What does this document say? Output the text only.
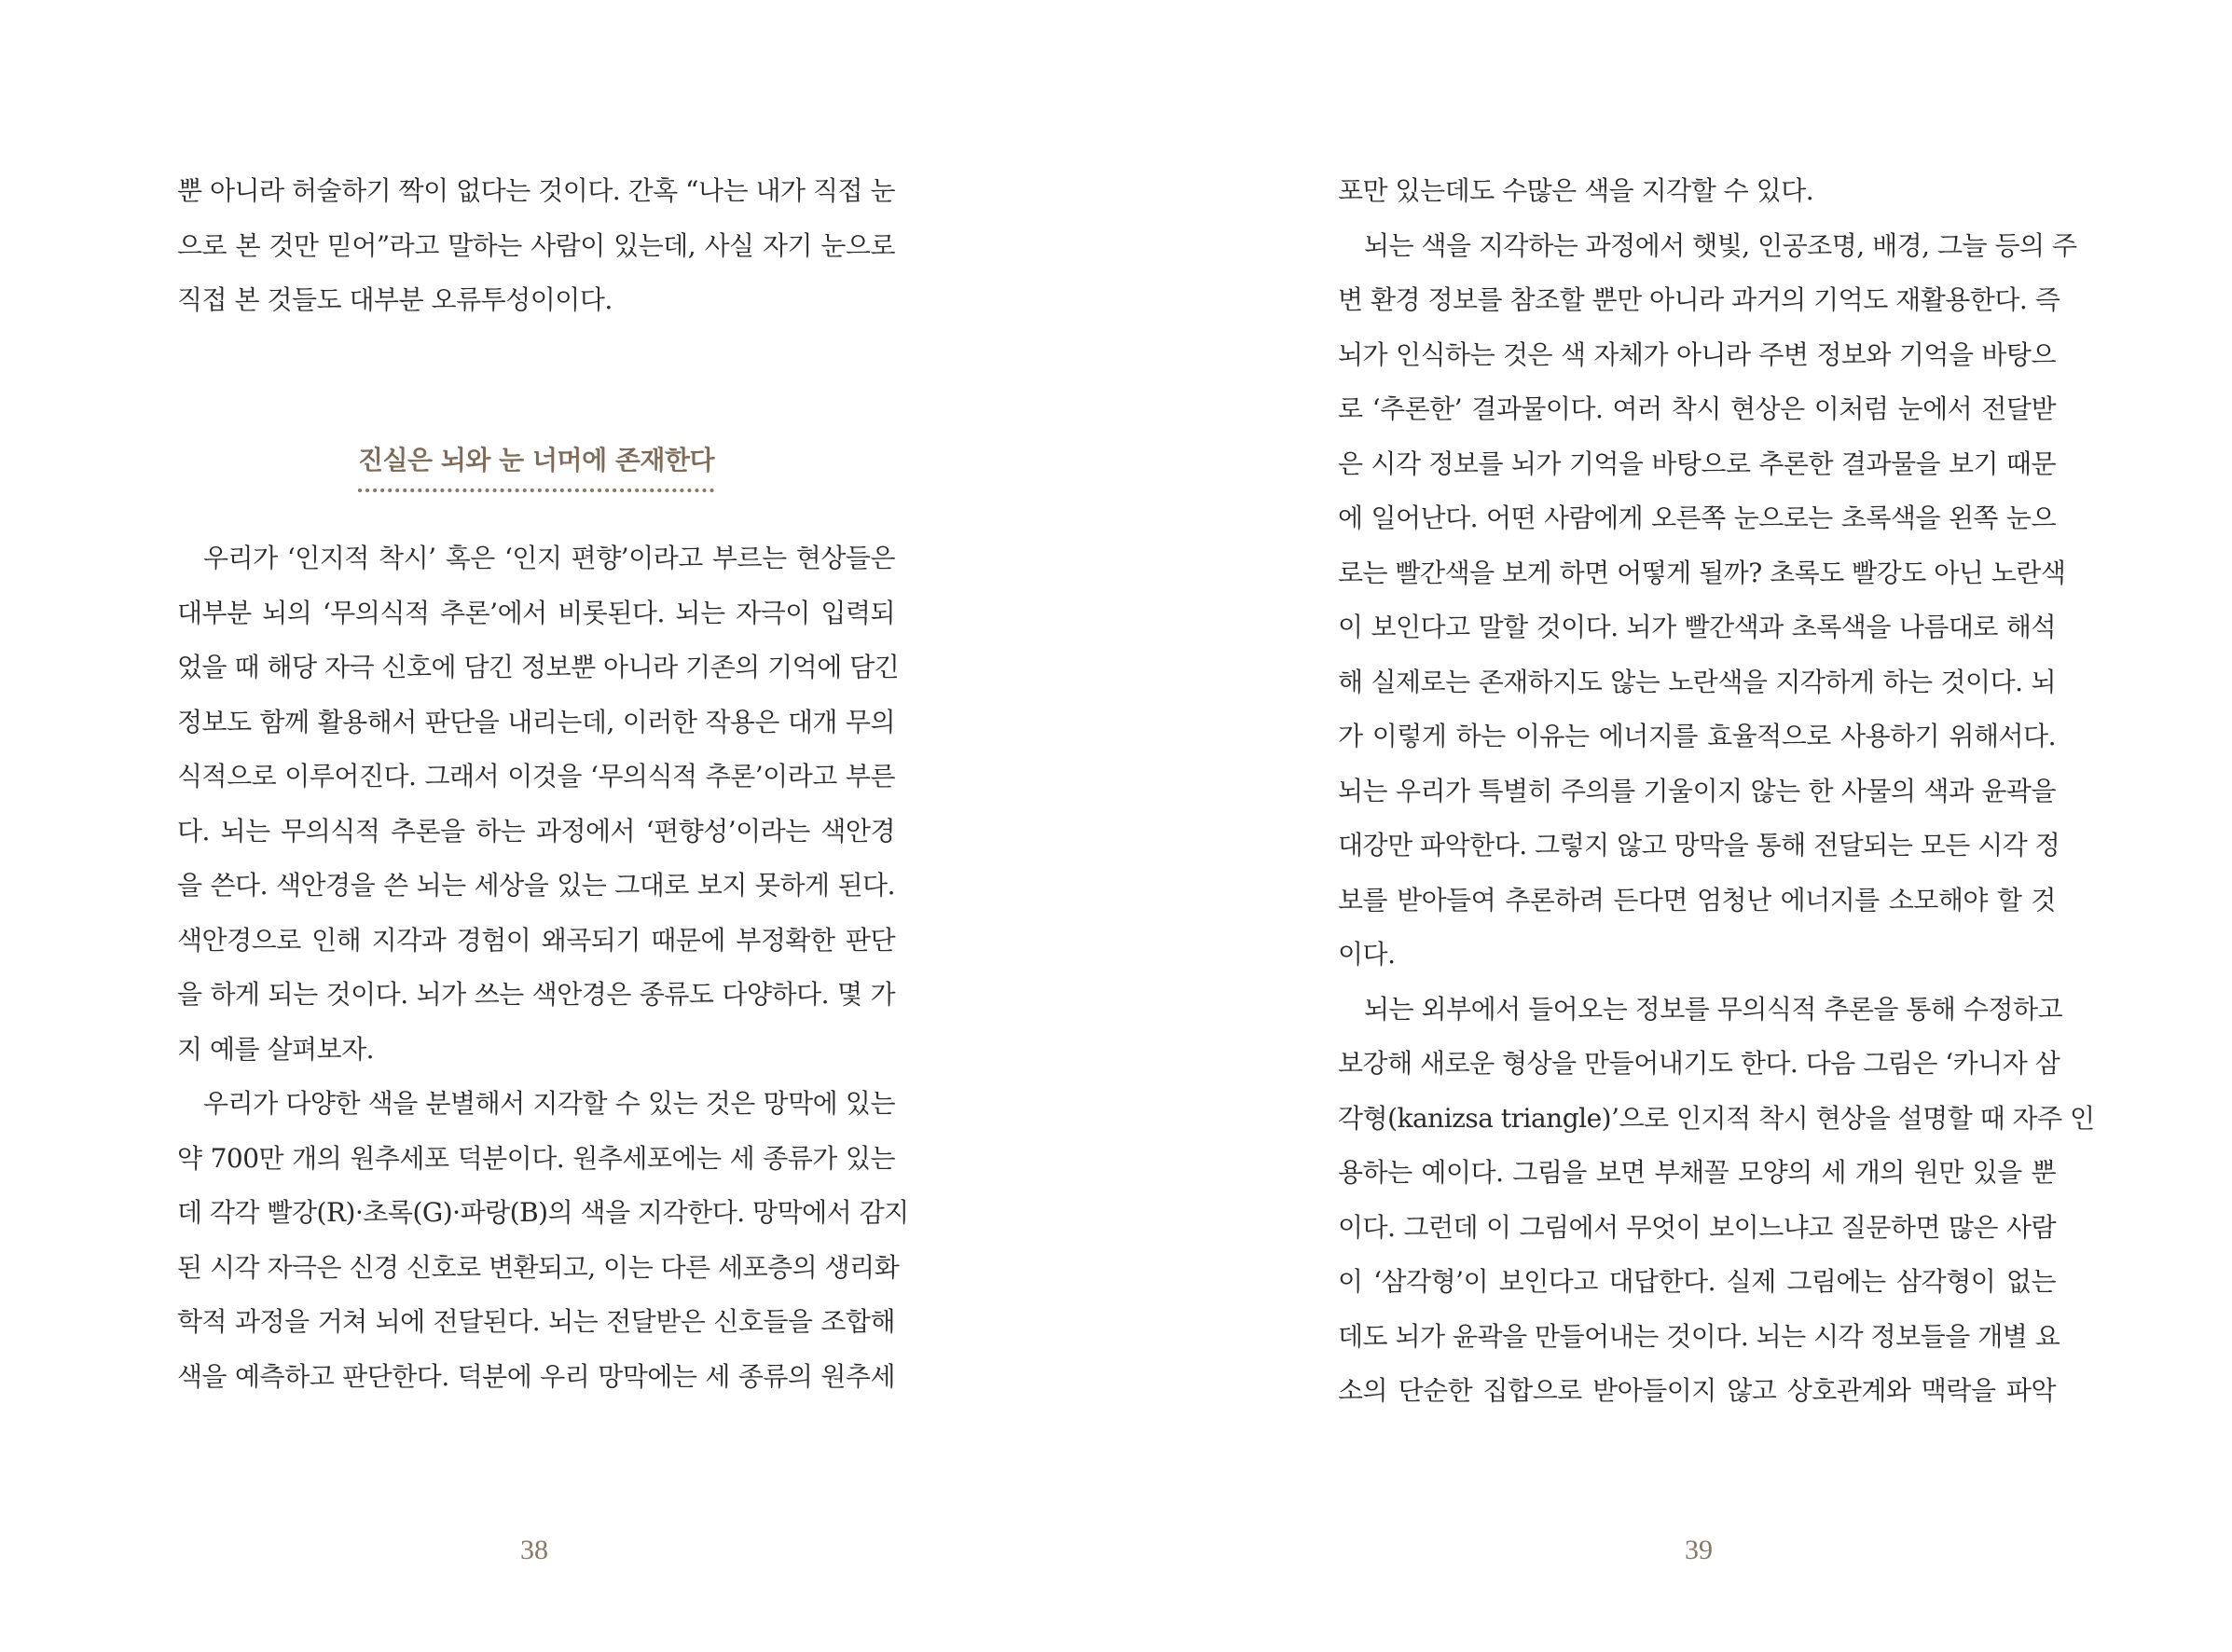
뿐 아니라 허술하기 짝이 없다는 것이다. 간혹 “나는 내가 직접 눈
으로 본 것만 믿어”라고 말하는 사람이 있는데, 사실 자기 눈으로
직접 본 것들도 대부분 오류투성이이다.
진실은 뇌와 눈 너머에 존재한다
우리가 ‘인지적 착시’ 혹은 ‘인지 편향’이라고 부르는 현상들은
대부분 뇌의 ‘무의식적 추론’에서 비롯된다. 뇌는 자극이 입력되
었을 때 해당 자극 신호에 담긴 정보뿐 아니라 기존의 기억에 담긴
정보도 함께 활용해서 판단을 내리는데, 이러한 작용은 대개 무의
식적으로 이루어진다. 그래서 이것을 ‘무의식적 추론’이라고 부른
다. 뇌는 무의식적 추론을 하는 과정에서 ‘편향성’이라는 색안경
을 쓴다. 색안경을 쓴 뇌는 세상을 있는 그대로 보지 못하게 된다.
색안경으로 인해 지각과 경험이 왜곡되기 때문에 부정확한 판단
을 하게 되는 것이다. 뇌가 쓰는 색안경은 종류도 다양하다. 몇 가
지 예를 살펴보자.
우리가 다양한 색을 분별해서 지각할 수 있는 것은 망막에 있는
약 700만 개의 원추세포 덕분이다. 원추세포에는 세 종류가 있는
데 각각 빨강(R)·초록(G)·파랑(B)의 색을 지각한다. 망막에서 감지
된 시각 자극은 신경 신호로 변환되고, 이는 다른 세포층의 생리화
학적 과정을 거쳐 뇌에 전달된다. 뇌는 전달받은 신호들을 조합해
색을 예측하고 판단한다. 덕분에 우리 망막에는 세 종류의 원추세
38
포만 있는데도 수많은 색을 지각할 수 있다.
뇌는 색을 지각하는 과정에서 햇빛, 인공조명, 배경, 그늘 등의 주
변 환경 정보를 참조할 뿐만 아니라 과거의 기억도 재활용한다. 즉
뇌가 인식하는 것은 색 자체가 아니라 주변 정보와 기억을 바탕으
로 ‘추론한’ 결과물이다. 여러 착시 현상은 이처럼 눈에서 전달받
은 시각 정보를 뇌가 기억을 바탕으로 추론한 결과물을 보기 때문
에 일어난다. 어떤 사람에게 오른쪽 눈으로는 초록색을 왼쪽 눈으
로는 빨간색을 보게 하면 어떻게 될까? 초록도 빨강도 아닌 노란색
이 보인다고 말할 것이다. 뇌가 빨간색과 초록색을 나름대로 해석
해 실제로는 존재하지도 않는 노란색을 지각하게 하는 것이다. 뇌
가 이렇게 하는 이유는 에너지를 효율적으로 사용하기 위해서다.
뇌는 우리가 특별히 주의를 기울이지 않는 한 사물의 색과 윤곽을
대강만 파악한다. 그렇지 않고 망막을 통해 전달되는 모든 시각 정
보를 받아들여 추론하려 든다면 엄청난 에너지를 소모해야 할 것
이다.
뇌는 외부에서 들어오는 정보를 무의식적 추론을 통해 수정하고
보강해 새로운 형상을 만들어내기도 한다. 다음 그림은 ‘카니자 삼
각형(kanizsa triangle)’으로 인지적 착시 현상을 설명할 때 자주 인
용하는 예이다. 그림을 보면 부채꼴 모양의 세 개의 원만 있을 뿐
이다. 그런데 이 그림에서 무엇이 보이느냐고 질문하면 많은 사람
이 ‘삼각형’이 보인다고 대답한다. 실제 그림에는 삼각형이 없는
데도 뇌가 윤곽을 만들어내는 것이다. 뇌는 시각 정보들을 개별 요
소의 단순한 집합으로 받아들이지 않고 상호관계와 맥락을 파악
39
